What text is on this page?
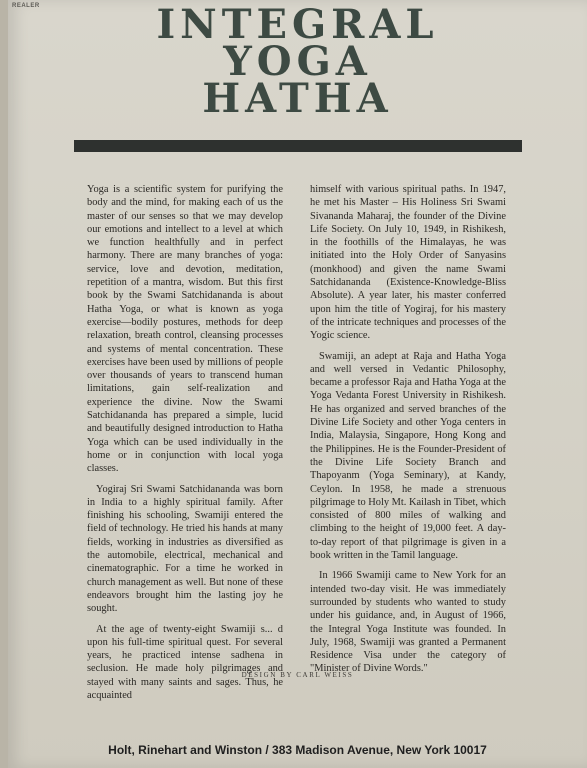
REALER	INTEGRAL
YOGA
HATHA

Yoga is a scientific system for purifying the body and the mind, for making each of us the master of our senses so that we may develop our emotions and intellect to a level at which we function healthfully and in perfect harmony. There are many branches of yoga: service, love and devotion, meditation, repetition of a mantra, wisdom. But this first book by the Swami Satchidananda is about Hatha Yoga, or what is known as yoga exercise—bodily postures, methods for deep relaxation, breath control, cleansing processes and systems of mental concentration. These exercises have been used by millions of people over thousands of years to transcend human limitations, gain self-realization and experience the divine. Now the Swami Satchidananda has prepared a simple, lucid and beautifully designed introduction to Hatha Yoga which can be used individually in the home or in conjunction with local yoga classes.

Yogiraj Sri Swami Satchidananda was born in India to a highly spiritual family. After finishing his schooling, Swamiji entered the field of technology. He tried his hands at many fields, working in industries as diversified as the automobile, electrical, mechanical and cinematographic. For a time he worked in church management as well. But none of these endeavors brought him the lasting joy he sought.

At the age of twenty-eight Swamiji s... d upon his full-time spiritual quest. For several years, he practiced intense sadhena in seclusion. He made holy pilgrimages and stayed with many saints and sages. Thus, he acquainted

himself with various spiritual paths. In 1947, he met his Master – His Holiness Sri Swami Sivananda Maharaj, the founder of the Divine Life Society. On July 10, 1949, in Rishikesh, in the foothills of the Himalayas, he was initiated into the Holy Order of Sanyasins (monkhood) and given the name Swami Satchidananda (Existence-Knowledge-Bliss Absolute). A year later, his master conferred upon him the title of Yogiraj, for his mastery of the intricate techniques and processes of the Yogic science.

Swamiji, an adept at Raja and Hatha Yoga and well versed in Vedantic Philosophy, became a professor Raja and Hatha Yoga at the Yoga Vedanta Forest University in Rishikesh. He has organized and served branches of the Divine Life Society and other Yoga centers in India, Malaysia, Singapore, Hong Kong and the Philippines. He is the Founder-President of the Divine Life Society Branch and Thapoyanm (Yoga Seminary), at Kandy, Ceylon. In 1958, he made a strenuous pilgrimage to Holy Mt. Kailash in Tibet, which consisted of 800 miles of walking and climbing to the height of 19,000 feet. A day-to-day report of that pilgrimage is given in a book written in the Tamil language.

In 1966 Swamiji came to New York for an intended two-day visit. He was immediately surrounded by students who wanted to study under his guidance, and, in August of 1966, the Integral Yoga Institute was founded. In July, 1968, Swamiji was granted a Permanent Residence Visa under the category of "Minister of Divine Words."

DESIGN BY CARL WEISS
Holt, Rinehart and Winston / 383 Madison Avenue, New York 10017
